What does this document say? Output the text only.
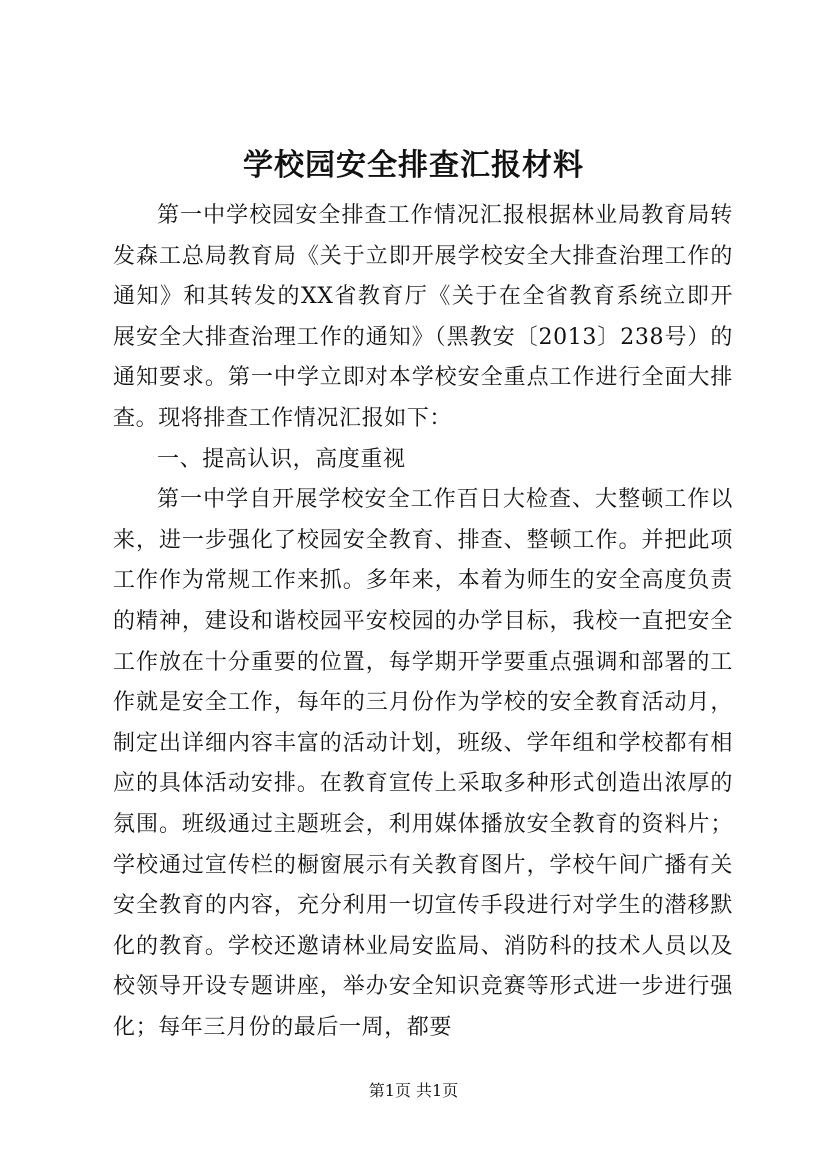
学校园安全排查汇报材料

第一中学校园安全排查工作情况汇报根据林业局教育局转发森工总局教育局《关于立即开展学校安全大排查治理工作的通知》和其转发的XX省教育厅《关于在全省教育系统立即开展安全大排查治理工作的通知》（黑教安〔2013〕238号）的通知要求。第一中学立即对本学校安全重点工作进行全面大排查。现将排查工作情况汇报如下：

一、提高认识，高度重视

第一中学自开展学校安全工作百日大检查、大整顿工作以来，进一步强化了校园安全教育、排查、整顿工作。并把此项工作作为常规工作来抓。多年来，本着为师生的安全高度负责的精神，建设和谐校园平安校园的办学目标，我校一直把安全工作放在十分重要的位置，每学期开学要重点强调和部署的工作就是安全工作，每年的三月份作为学校的安全教育活动月，制定出详细内容丰富的活动计划，班级、学年组和学校都有相应的具体活动安排。在教育宣传上采取多种形式创造出浓厚的氛围。班级通过主题班会，利用媒体播放安全教育的资料片；学校通过宣传栏的橱窗展示有关教育图片，学校午间广播有关安全教育的内容，充分利用一切宣传手段进行对学生的潜移默化的教育。学校还邀请林业局安监局、消防科的技术人员以及校领导开设专题讲座，举办安全知识竞赛等形式进一步进行强化；每年三月份的最后一周，都要

第1页 共1页
